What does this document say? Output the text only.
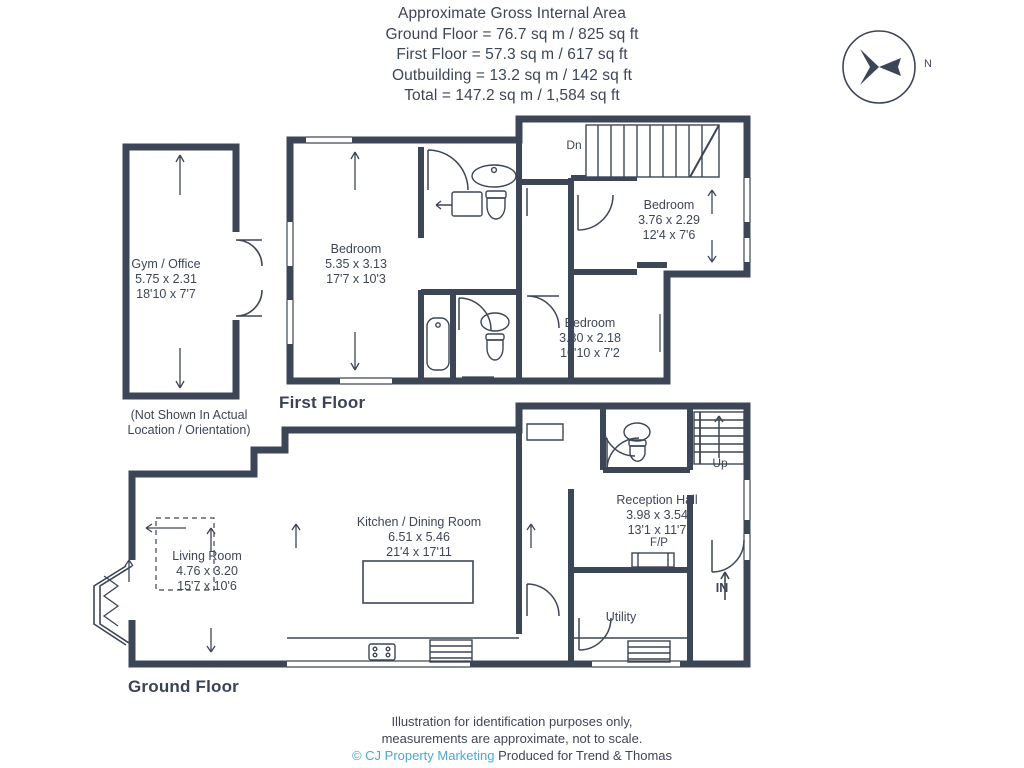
Approximate Gross Internal Area
Ground Floor = 76.7 sq m / 825 sq ft
First Floor = 57.3 sq m / 617 sq ft
Outbuilding = 13.2 sq m / 142 sq ft
Total = 147.2 sq m / 1,584 sq ft
N
First Floor
Ground Floor
Gym / Office
5.75 x 2.31
18'10 x 7'7
Bedroom
5.35 x 3.13
17'7 x 10'3
Bedroom
3.76 x 2.29
12'4 x 7'6
Bedroom
3.30 x 2.18
10'10 x 7'2
Living Room
4.76 x 3.20
15'7 x 10'6
Kitchen / Dining Room
6.51 x 5.46
21'4 x 17'11
Reception Hall
3.98 x 3.54
13'1 x 11'7
Utility
Dn
Up
IN
F/P
(Not Shown In Actual
Location / Orientation)
Illustration for identification purposes only,
measurements are approximate, not to scale.
© CJ Property Marketing Produced for Trend & Thomas
